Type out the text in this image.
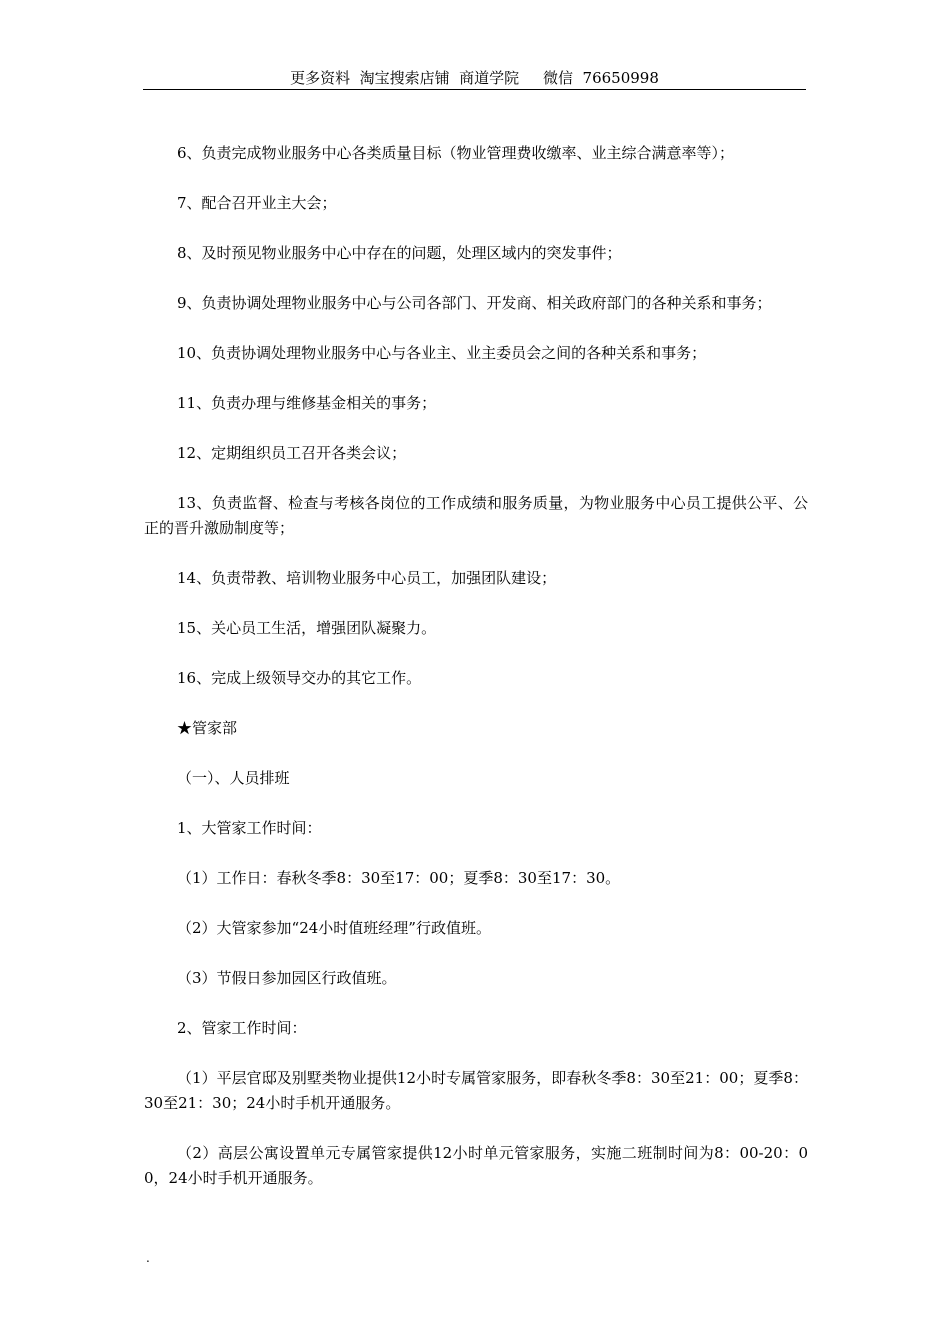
更多资料  淘宝搜索店铺  商道学院     微信  76650998

6、负责完成物业服务中心各类质量目标（物业管理费收缴率、业主综合满意率等）；

7、配合召开业主大会；

8、及时预见物业服务中心中存在的问题，处理区域内的突发事件；

9、负责协调处理物业服务中心与公司各部门、开发商、相关政府部门的各种关系和事务；

10、负责协调处理物业服务中心与各业主、业主委员会之间的各种关系和事务；

11、负责办理与维修基金相关的事务；

12、定期组织员工召开各类会议；

13、负责监督、检查与考核各岗位的工作成绩和服务质量，为物业服务中心员工提供公平、公正的晋升激励制度等；

14、负责带教、培训物业服务中心员工，加强团队建设；

15、关心员工生活，增强团队凝聚力。

16、完成上级领导交办的其它工作。

★管家部

（一）、人员排班

1、大管家工作时间：

（1）工作日：春秋冬季8：30至17：00；夏季8：30至17：30。

（2）大管家参加“24小时值班经理”行政值班。

（3）节假日参加园区行政值班。

2、管家工作时间：

（1）平层官邸及别墅类物业提供12小时专属管家服务，即春秋冬季8：30至21：00；夏季8：30至21：30；24小时手机开通服务。

（2）高层公寓设置单元专属管家提供12小时单元管家服务，实施二班制时间为8：00-20：00，24小时手机开通服务。

.
